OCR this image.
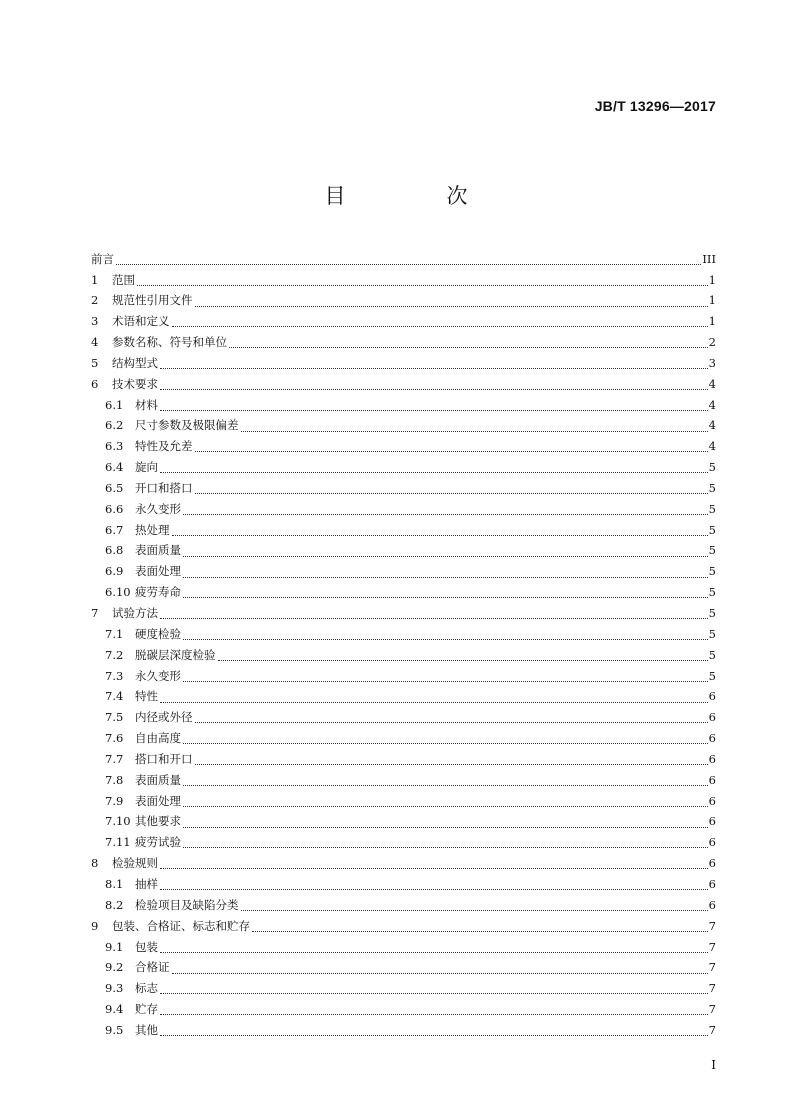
JB/T 13296—2017
目　次
前言	III
1	范围	1
2	规范性引用文件	1
3	术语和定义	1
4	参数名称、符号和单位	2
5	结构型式	3
6	技术要求	4
6.1	材料	4
6.2	尺寸参数及极限偏差	4
6.3	特性及允差	4
6.4	旋向	5
6.5	开口和搭口	5
6.6	永久变形	5
6.7	热处理	5
6.8	表面质量	5
6.9	表面处理	5
6.10 疲劳寿命	5
7	试验方法	5
7.1	硬度检验	5
7.2	脱碳层深度检验	5
7.3	永久变形	5
7.4	特性	6
7.5	内径或外径	6
7.6	自由高度	6
7.7	搭口和开口	6
7.8	表面质量	6
7.9	表面处理	6
7.10 其他要求	6
7.11 疲劳试验	6
8	检验规则	6
8.1	抽样	6
8.2	检验项目及缺陷分类	6
9	包装、合格证、标志和贮存	7
9.1	包装	7
9.2	合格证	7
9.3	标志	7
9.4	贮存	7
9.5	其他	7
I
